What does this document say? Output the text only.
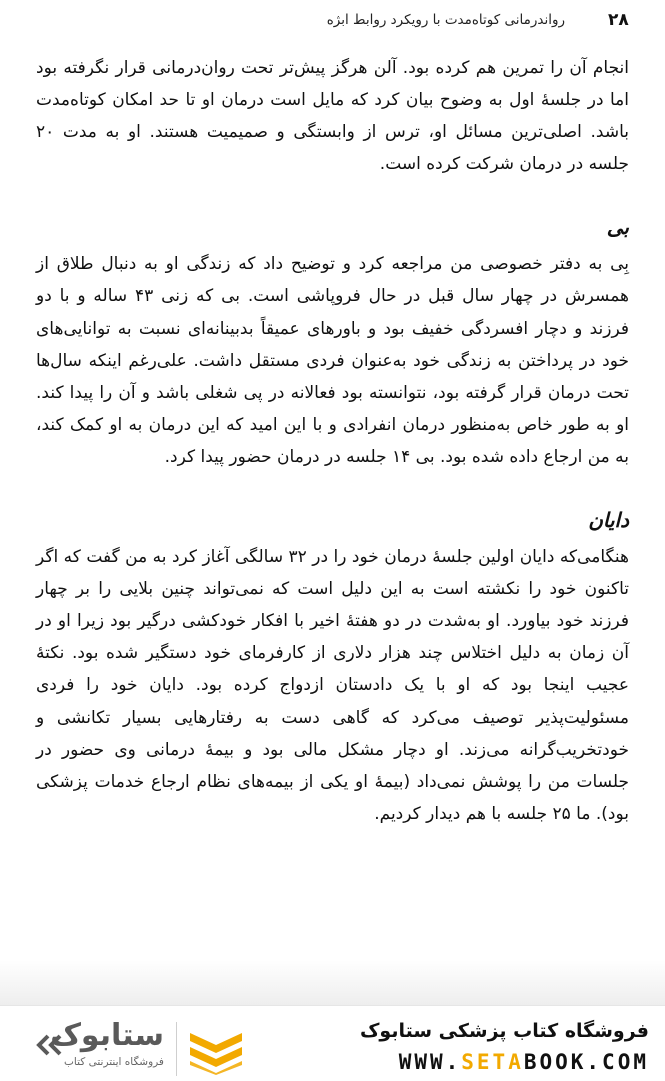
۲۸
رواندرمانی کوتاه‌مدت با رویکرد روابط ابژه

انجام آن را تمرین هم کرده بود. آلن هرگز پیش‌تر تحت روان‌درمانی قرار نگرفته بود اما در جلسهٔ اول به وضوح بیان کرد که مایل است درمان او تا حد امکان کوتاه‌مدت باشد. اصلی‌ترین مسائل او، ترس از وابستگی و صمیمیت هستند. او به مدت ۲۰ جلسه در درمان شرکت کرده است.

بی

بِی به دفتر خصوصی من مراجعه کرد و توضیح داد که زندگی او به دنبال طلاق از همسرش در چهار سال قبل در حال فروپاشی است. بی که زنی ۴۳ ساله و با دو فرزند و دچار افسردگی خفیف بود و باورهای عمیقاً بدبینانه‌ای نسبت به توانایی‌های خود در پرداختن به زندگی خود به‌عنوان فردی مستقل داشت. علی‌رغم اینکه سال‌ها تحت درمان قرار گرفته بود، نتوانسته بود فعالانه در پی شغلی باشد و آن را پیدا کند. او به طور خاص به‌منظور درمان انفرادی و با این امید که این درمان به او کمک کند، به من ارجاع داده شده بود. بی ۱۴ جلسه در درمان حضور پیدا کرد.

دایان

هنگامی‌که دایان اولین جلسهٔ درمان خود را در ۳۲ سالگی آغاز کرد به من گفت که اگر تاکنون خود را نکشته است به این دلیل است که نمی‌تواند چنین بلایی را بر چهار فرزند خود بیاورد. او به‌شدت در دو هفتهٔ اخیر با افکار خودکشی درگیر بود زیرا او در آن زمان به دلیل اختلاس چند هزار دلاری از کارفرمای خود دستگیر شده بود. نکتهٔ عجیب اینجا بود که او با یک دادستان ازدواج کرده بود. دایان خود را فردی مسئولیت‌پذیر توصیف می‌کرد که گاهی دست به رفتارهایی بسیار تکانشی و خودتخریب‌گرانه می‌زند. او دچار مشکل مالی بود و بیمهٔ درمانی وی حضور در جلسات من را پوشش نمی‌داد (بیمهٔ او یکی از بیمه‌های نظام ارجاع خدمات پزشکی بود). ما ۲۵ جلسه با هم دیدار کردیم.

فروشگاه کتاب پزشکی ستابوک
WWW.SETABOOK.COM
ستابوک
فروشگاه اینترنتی کتاب
